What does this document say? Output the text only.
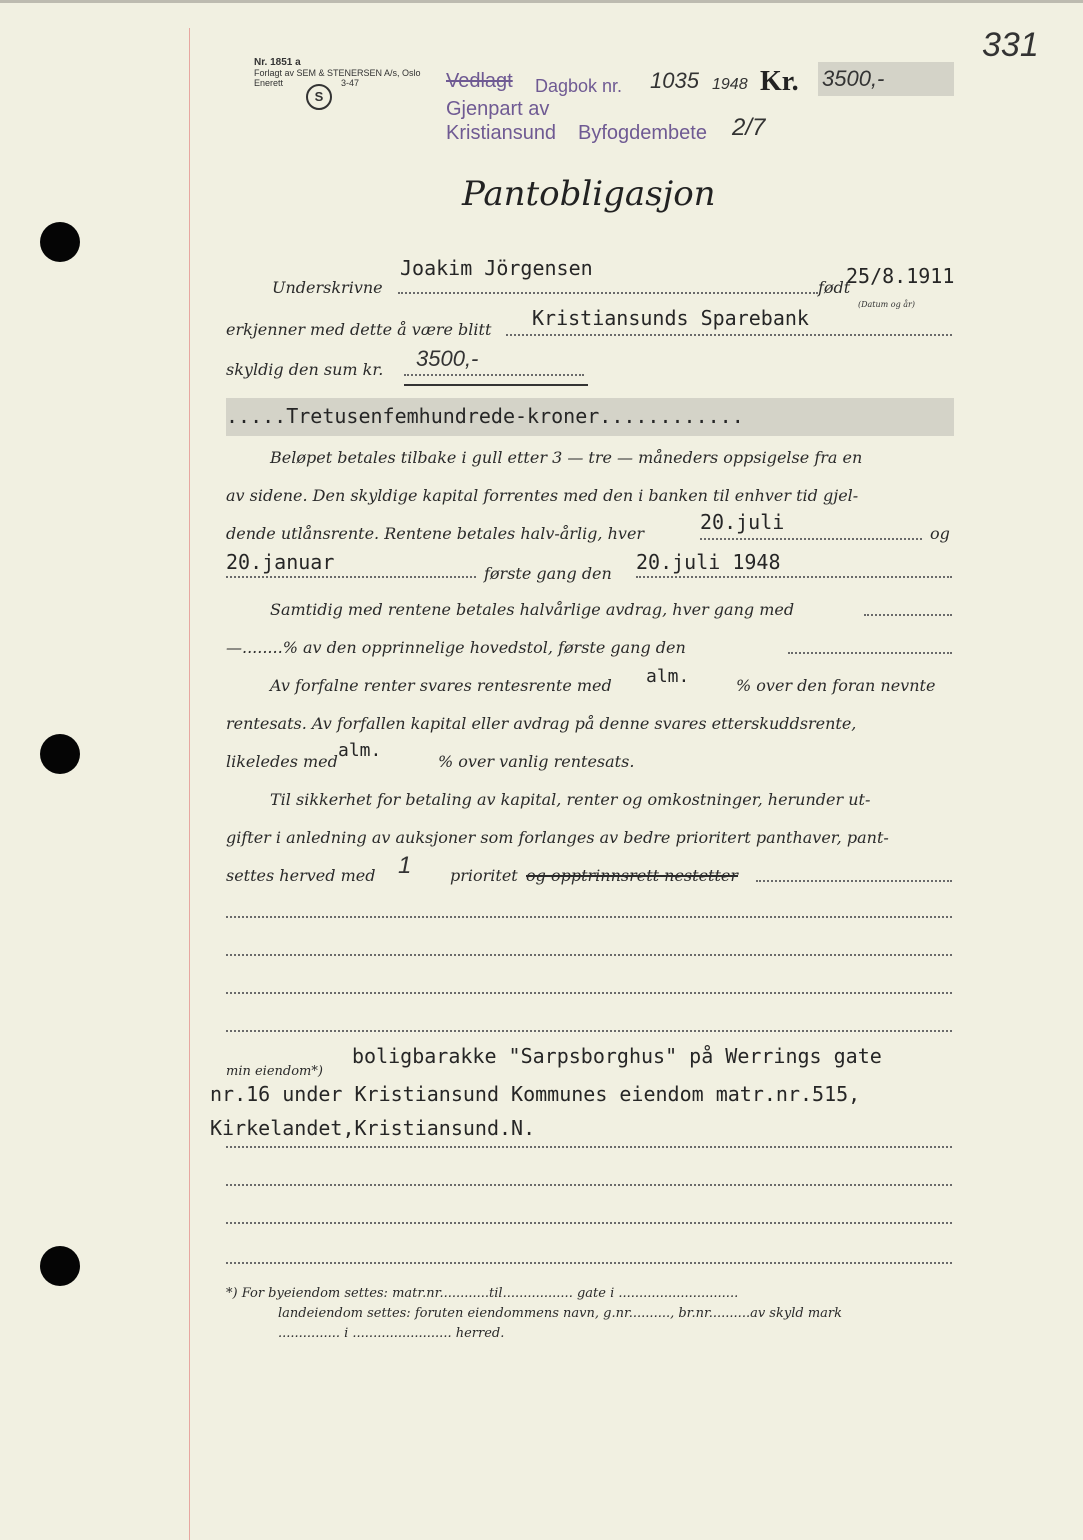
Nr. 1851 a
Forlagt av SEM & STENERSEN A/s, Oslo
Enerett	3-47
S
Vedlagt Dagbok nr. 1035 1948 Kr. 3500,-
Gjenpart av
Kristiansund Byfogdembete 2/7
331
Pantobligasjon
Underskrivne
Joakim Jörgensen
født
25/8.1911
(Datum og år)
erkjenner med dette å være blitt Kristiansunds Sparebank
skyldig den sum kr. 3500,-
.....Tretusenfemhundrede-kroner............
Beløpet betales tilbake i gull etter 3 — tre — måneders oppsigelse fra en
av sidene. Den skyldige kapital forrentes med den i banken til enhver tid gjel-
dende utlånsrente. Rentene betales halv-årlig, hver	20.juli	og
20.januar	første gang den 20.juli 1948
Samtidig med rentene betales halvårlige avdrag, hver gang med
—........% av den opprinnelige hovedstol, første gang den
Av forfalne renter svares rentesrente med alm.	% over den foran nevnte
rentesats. Av forfallen kapital eller avdrag på denne svares etterskuddsrente,
likeledes med
alm.
% over vanlig rentesats.
Til sikkerhet for betaling av kapital, renter og omkostninger, herunder ut-
gifter i anledning av auksjoner som forlanges av bedre prioritert panthaver, pant-
settes herved med 1 prioritet og opptrinnsrett nestetter
min eiendom*)
boligbarakke "Sarpsborghus" på Werrings gate
nr.16 under Kristiansund Kommunes eiendom matr.nr.515,
Kirkelandet,Kristiansund.N.
*) For byeiendom settes: matr.nr............til................. gate i .............................
landeiendom settes: foruten eiendommens navn, g.nr.........., br.nr..........av skyld mark
............... i ........................ herred.
